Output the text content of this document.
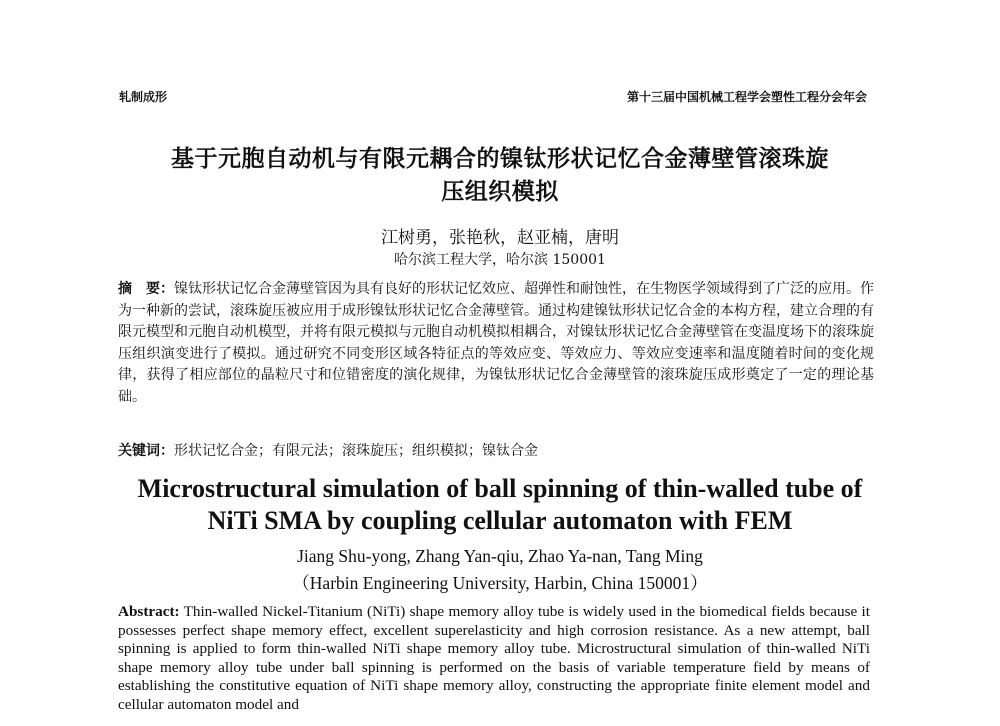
轧制成形	第十三届中国机械工程学会塑性工程分会年会
基于元胞自动机与有限元耦合的镍钛形状记忆合金薄壁管滚珠旋
压组织模拟
江树勇，张艳秋，赵亚楠，唐明
哈尔滨工程大学，哈尔滨 150001
摘　要：镍钛形状记忆合金薄壁管因为具有良好的形状记忆效应、超弹性和耐蚀性，在生物医学领域得到了广泛的应用。作为一种新的尝试，滚珠旋压被应用于成形镍钛形状记忆合金薄壁管。通过构建镍钛形状记忆合金的本构方程，建立合理的有限元模型和元胞自动机模型，并将有限元模拟与元胞自动机模拟相耦合，对镍钛形状记忆合金薄壁管在变温度场下的滚珠旋压组织演变进行了模拟。通过研究不同变形区域各特征点的等效应变、等效应力、等效应变速率和温度随着时间的变化规律，获得了相应部位的晶粒尺寸和位错密度的演化规律，为镍钛形状记忆合金薄壁管的滚珠旋压成形奠定了一定的理论基础。
关键词：形状记忆合金；有限元法；滚珠旋压；组织模拟；镍钛合金
Microstructural simulation of ball spinning of thin-walled tube of
NiTi SMA by coupling cellular automaton with FEM
Jiang Shu-yong, Zhang Yan-qiu, Zhao Ya-nan, Tang Ming
（Harbin Engineering University, Harbin, China 150001）
Abstract: Thin-walled Nickel-Titanium (NiTi) shape memory alloy tube is widely used in the biomedical fields because it possesses perfect shape memory effect, excellent superelasticity and high corrosion resistance. As a new attempt, ball spinning is applied to form thin-walled NiTi shape memory alloy tube. Microstructural simulation of thin-walled NiTi shape memory alloy tube under ball spinning is performed on the basis of variable temperature field by means of establishing the constitutive equation of NiTi shape memory alloy, constructing the appropriate finite element model and cellular automaton model and
